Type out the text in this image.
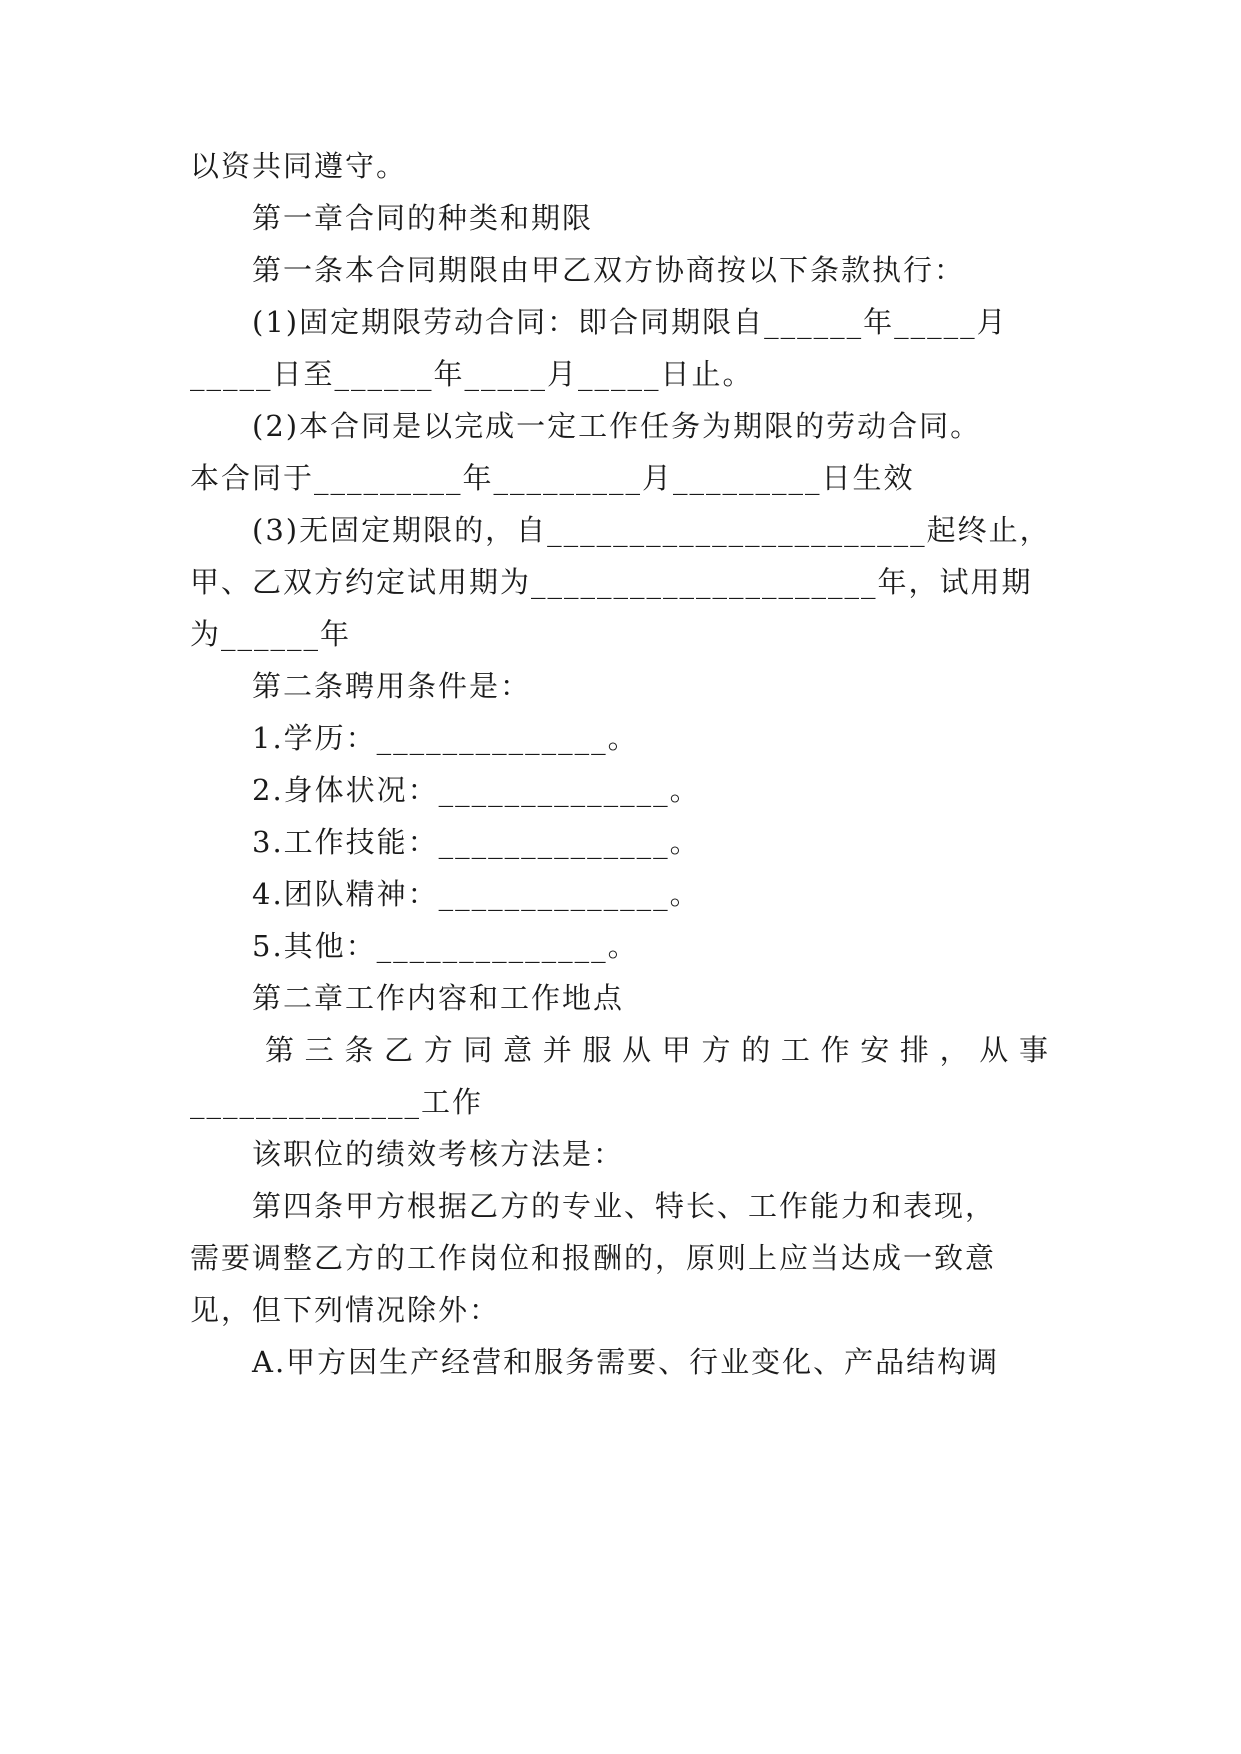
以资共同遵守。
第一章合同的种类和期限
第一条本合同期限由甲乙双方协商按以下条款执行：
(1)固定期限劳动合同：即合同期限自______年_____月
_____日至______年_____月_____日止。
(2)本合同是以完成一定工作任务为期限的劳动合同。
本合同于_________年_________月_________日生效
(3)无固定期限的，自_______________________起终止，
甲、乙双方约定试用期为_____________________年，试用期
为______年
第二条聘用条件是：
1.学历：______________。
2.身体状况：______________。
3.工作技能：______________。
4.团队精神：______________。
5.其他：______________。
第二章工作内容和工作地点
第三条乙方同意并服从甲方的工作安排，从事
______________工作
该职位的绩效考核方法是：
第四条甲方根据乙方的专业、特长、工作能力和表现，
需要调整乙方的工作岗位和报酬的，原则上应当达成一致意
见，但下列情况除外：
A.甲方因生产经营和服务需要、行业变化、产品结构调
